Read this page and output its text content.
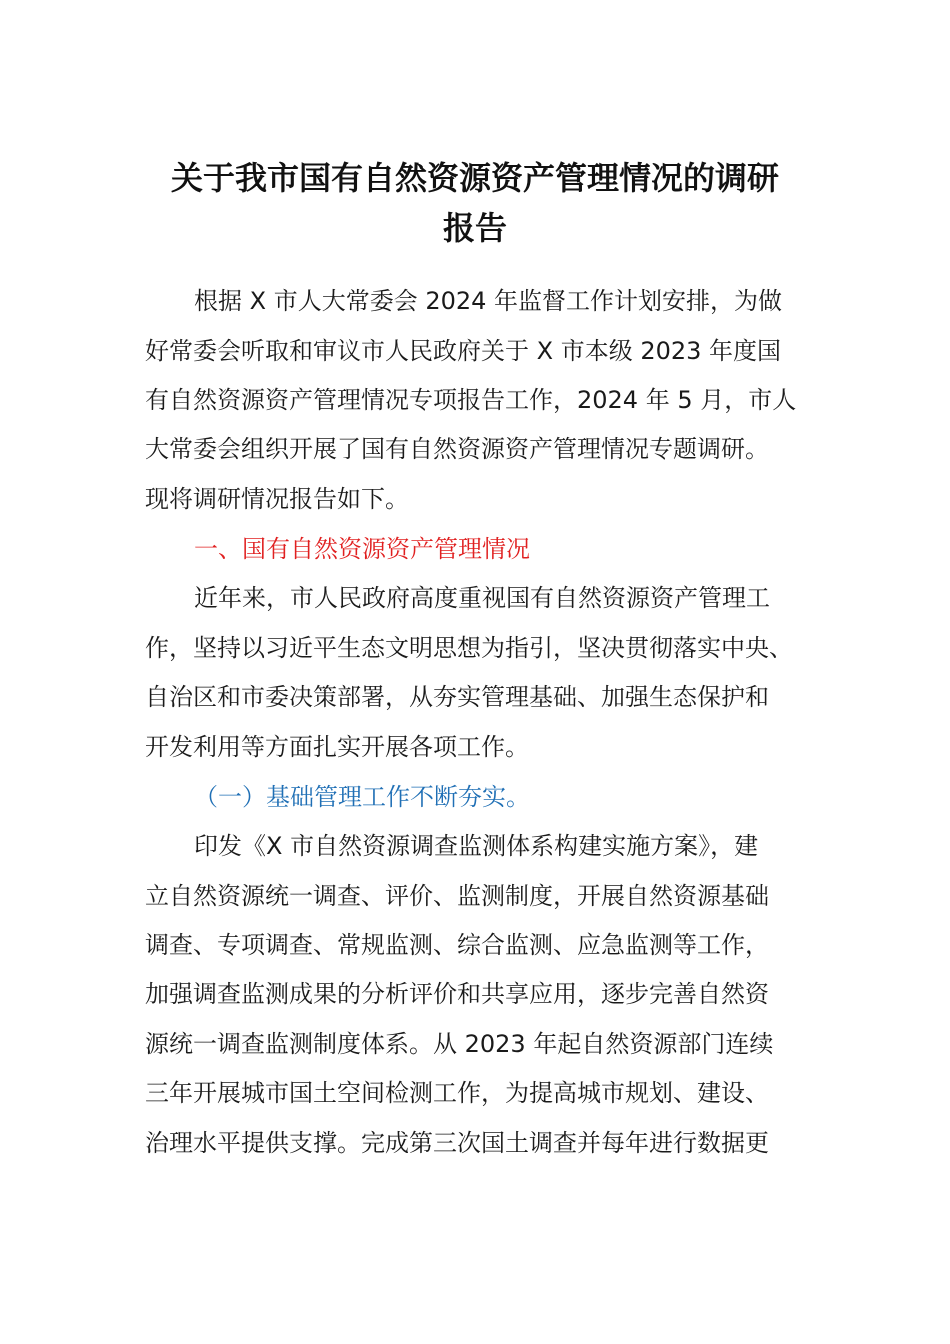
关于我市国有自然资源资产管理情况的调研
报告
根据 X 市人大常委会 2024 年监督工作计划安排，为做
好常委会听取和审议市人民政府关于 X 市本级 2023 年度国
有自然资源资产管理情况专项报告工作，2024 年 5 月，市人
大常委会组织开展了国有自然资源资产管理情况专题调研。
现将调研情况报告如下。
一、国有自然资源资产管理情况
近年来，市人民政府高度重视国有自然资源资产管理工
作，坚持以习近平生态文明思想为指引，坚决贯彻落实中央、
自治区和市委决策部署，从夯实管理基础、加强生态保护和
开发利用等方面扎实开展各项工作。
（一）基础管理工作不断夯实。
印发《X 市自然资源调查监测体系构建实施方案》，建
立自然资源统一调查、评价、监测制度，开展自然资源基础
调查、专项调查、常规监测、综合监测、应急监测等工作，
加强调查监测成果的分析评价和共享应用，逐步完善自然资
源统一调查监测制度体系。从 2023 年起自然资源部门连续
三年开展城市国土空间检测工作，为提高城市规划、建设、
治理水平提供支撑。完成第三次国土调查并每年进行数据更
